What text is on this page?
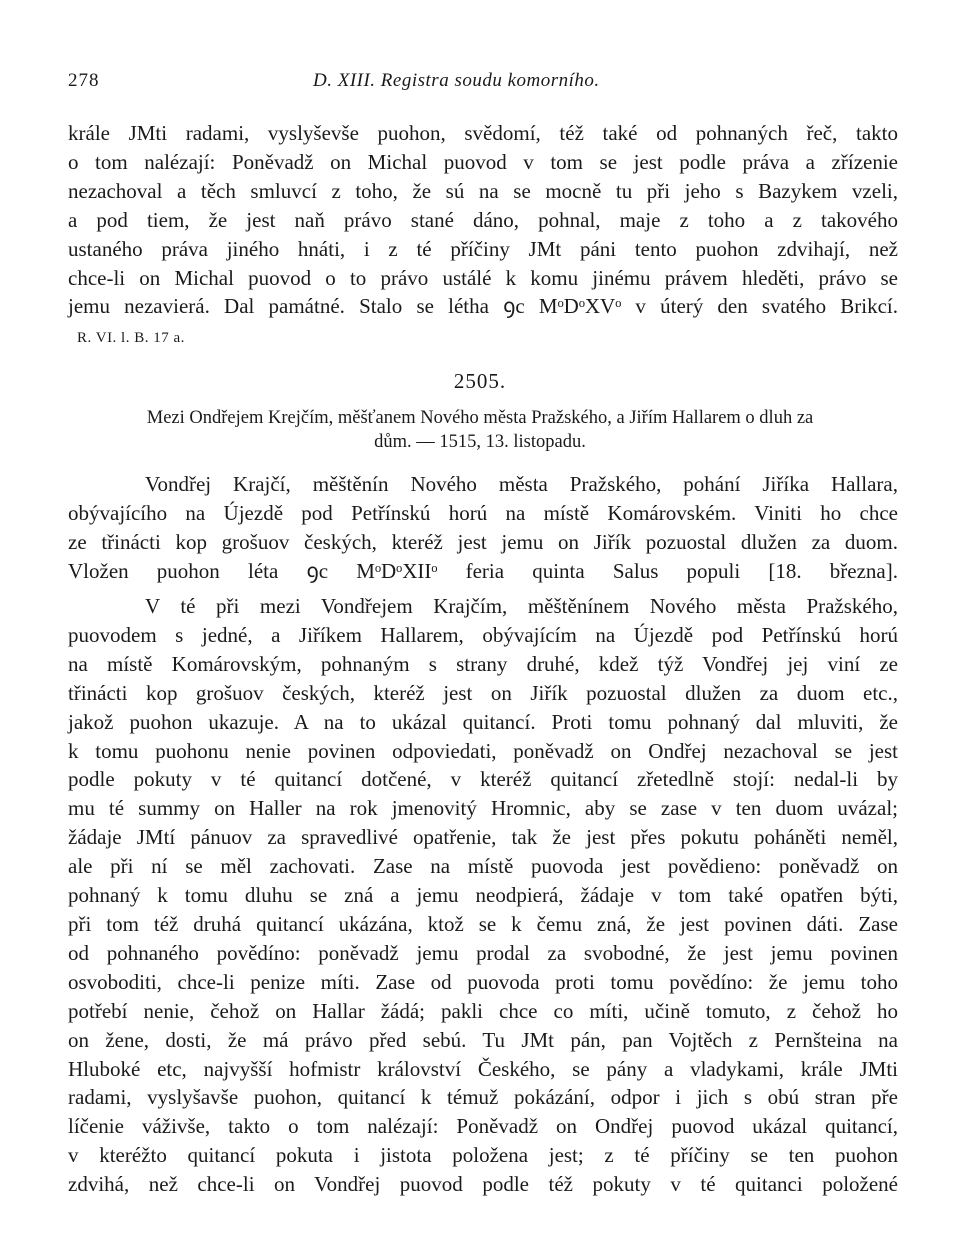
278	D. XIII. Registra soudu komorního.
krále JMti radami, vyslyševše puohon, svědomí, též také od pohnaných řeč, takto
o tom nalézají: Poněvadž on Michal puovod v tom se jest podle práva a zřízenie
nezachoval a těch smluvcí z toho, že sú na se mocně tu při jeho s Bazykem vzeli,
a pod tiem, že jest naň právo stané dáno, pohnal, maje z toho a z takového
ustaného práva jiného hnáti, i z té příčiny JMt páni tento puohon zdvihají, než
chce-li on Michal puovod o to právo ustálé k komu jinému právem hleděti, právo se
jemu nezavierá. Dal památné. Stalo se létha ꝯc MᵒDᵒXVᵒ v úterý den svatého Brikcí.
R. VI. l. B. 17 a.
2505.
Mezi Ondřejem Krejčím, měšťanem Nového města Pražského, a Jiřím Hallarem o dluh za
dům. — 1515, 13. listopadu.
Vondřej Krajčí, měštěnín Nového města Pražského, pohání Jiříka Hallara,
obývajícího na Újezdě pod Petřínskú horú na místě Komárovském. Viniti ho chce
ze třinácti kop grošuov českých, kteréž jest jemu on Jiřík pozuostal dlužen za duom.
Vložen puohon léta ꝯc MᵒDᵒXIIᵒ feria quinta Salus populi [18. března].
V té při mezi Vondřejem Krajčím, měštěnínem Nového města Pražského,
puovodem s jedné, a Jiříkem Hallarem, obývajícím na Újezdě pod Petřínskú horú
na místě Komárovským, pohnaným s strany druhé, kdež týž Vondřej jej viní ze
třinácti kop grošuov českých, kteréž jest on Jiřík pozuostal dlužen za duom etc.,
jakož puohon ukazuje. A na to ukázal quitancí. Proti tomu pohnaný dal mluviti, že
k tomu puohonu nenie povinen odpoviedati, poněvadž on Ondřej nezachoval se jest
podle pokuty v té quitancí dotčené, v kteréž quitancí zřetedlně stojí: nedal-li by
mu té summy on Haller na rok jmenovitý Hromnic, aby se zase v ten duom uvázal;
žádaje JMtí pánuov za spravedlivé opatřenie, tak že jest přes pokutu poháněti neměl,
ale při ní se měl zachovati. Zase na místě puovoda jest povědieno: poněvadž on
pohnaný k tomu dluhu se zná a jemu neodpierá, žádaje v tom také opatřen býti,
při tom též druhá quitancí ukázána, ktož se k čemu zná, že jest povinen dáti. Zase
od pohnaného povědíno: poněvadž jemu prodal za svobodné, že jest jemu povinen
osvoboditi, chce-li penize míti. Zase od puovoda proti tomu povědíno: že jemu toho
potřebí nenie, čehož on Hallar žádá; pakli chce co míti, učině tomuto, z čehož ho
on žene, dosti, že má právo před sebú. Tu JMt pán, pan Vojtěch z Pernšteina na
Hluboké etc, najvyšší hofmistr království Českého, se pány a vladykami, krále JMti
radami, vyslyšavše puohon, quitancí k témuž pokázání, odpor i jich s obú stran pře
líčenie váživše, takto o tom nalézají: Poněvadž on Ondřej puovod ukázal quitancí,
v kteréžto quitancí pokuta i jistota položena jest; z té příčiny se ten puohon
zdvihá, než chce-li on Vondřej puovod podle též pokuty v té quitanci položené
